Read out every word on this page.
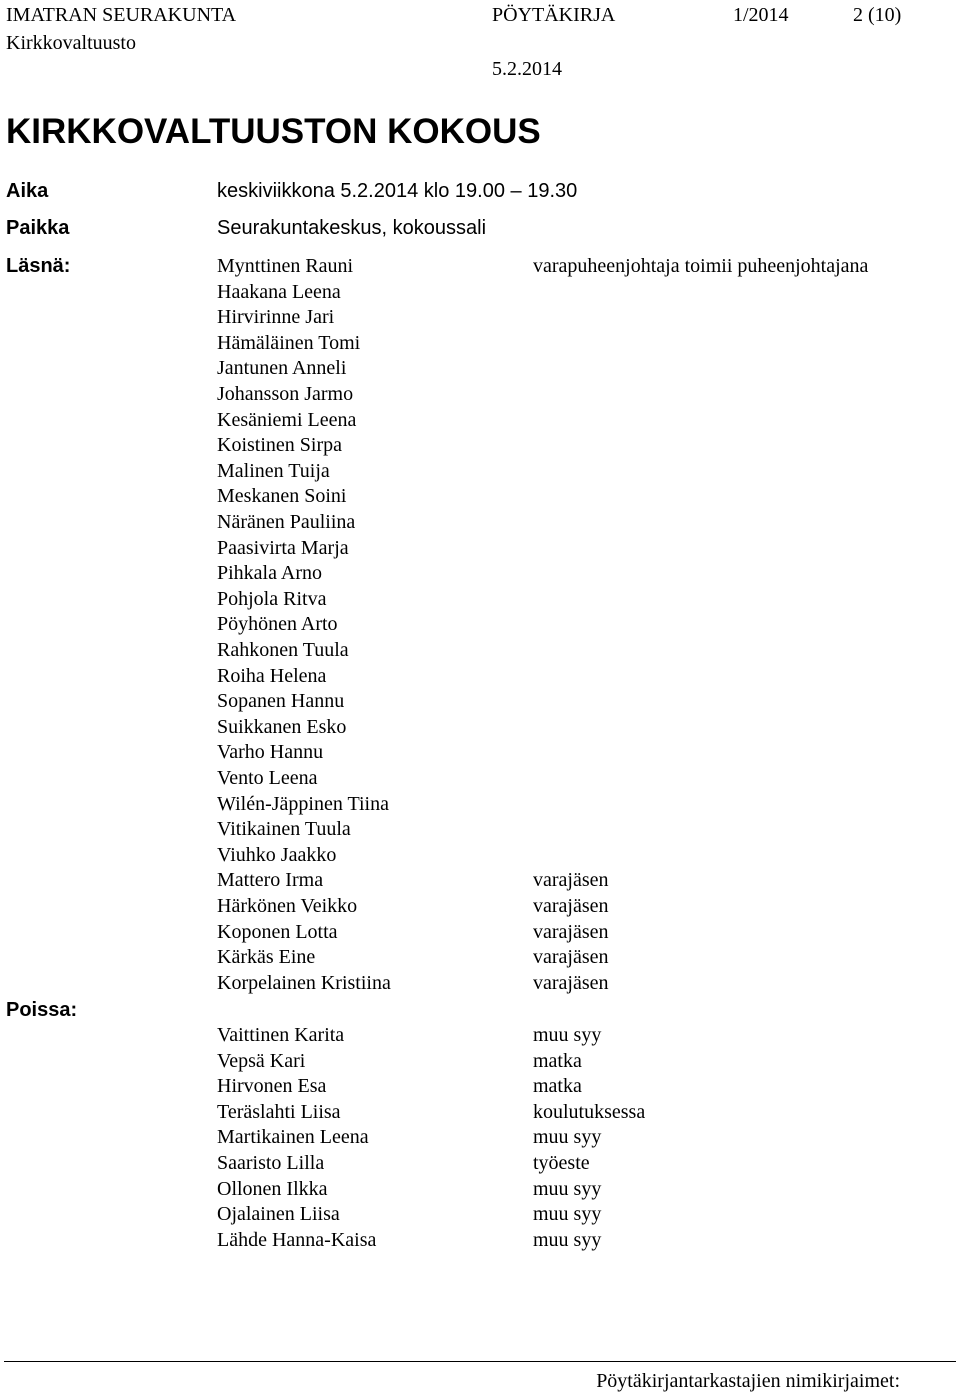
IMATRAN SEURAKUNTA	PÖYTÄKIRJA	1/2014	2 (10)
Kirkkovaltuusto
5.2.2014
KIRKKOVALTUUSTON KOKOUS
Aika	keskiviikkona 5.2.2014 klo 19.00 – 19.30
Paikka	Seurakuntakeskus, kokoussali
Läsnä:	Mynttinen Rauni	varapuheenjohtaja toimii puheenjohtajana
Haakana Leena
Hirvirinne Jari
Hämäläinen Tomi
Jantunen Anneli
Johansson Jarmo
Kesäniemi Leena
Koistinen Sirpa
Malinen Tuija
Meskanen Soini
Näränen Pauliina
Paasivirta Marja
Pihkala Arno
Pohjola Ritva
Pöyhönen Arto
Rahkonen Tuula
Roiha Helena
Sopanen Hannu
Suikkanen Esko
Varho Hannu
Vento Leena
Wilén-Jäppinen Tiina
Vitikainen Tuula
Viuhko Jaakko
Mattero Irma	varajäsen
Härkönen Veikko	varajäsen
Koponen Lotta	varajäsen
Kärkäs Eine	varajäsen
Korpelainen Kristiina	varajäsen
Poissa:
Vaittinen Karita	muu syy
Vepsä Kari	matka
Hirvonen Esa	matka
Teräslahti Liisa	koulutuksessa
Martikainen Leena	muu syy
Saaristo Lilla	työeste
Ollonen Ilkka	muu syy
Ojalainen Liisa	muu syy
Lähde Hanna-Kaisa	muu syy
Pöytäkirjantarkastajien nimikirjaimet:
